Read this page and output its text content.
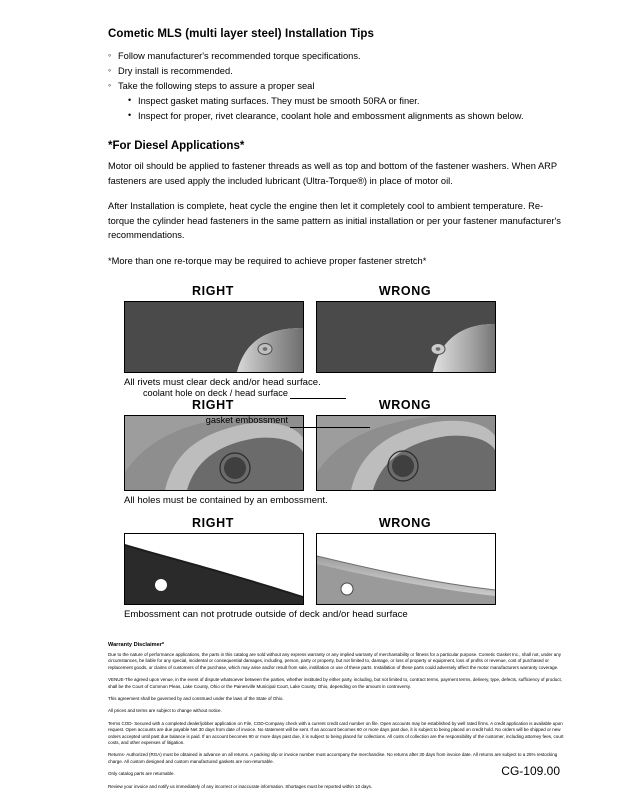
Cometic MLS (multi layer steel) Installation Tips
◦ Follow manufacturer's recommended torque specifications.
◦ Dry install is recommended.
◦ Take the following steps to assure a proper seal
• Inspect gasket mating surfaces. They must be smooth 50RA or finer.
• Inspect for proper, rivet clearance, coolant hole and embossment alignments as shown below.
*For Diesel Applications*

Motor oil should be applied to fastener threads as well as top and bottom of the fastener washers. When ARP fasteners are used apply the included lubricant (Ultra-Torque®) in place of motor oil.

After Installation is complete, heat cycle the engine then let it completely cool to ambient temperature. Re-torque the cylinder head fasteners in the same pattern as initial installation or per your fastener manufacturer's recommendations.

*More than one re-torque may be required to achieve proper fastener stretch*

RIGHT	WRONG
All rivets must clear deck and/or head surface.
RIGHT	WRONG
All holes must be contained by an embossment.
coolant hole on deck / head surface
gasket embossment
RIGHT	WRONG
Embossment can not protrude outside of deck and/or head surface
Warranty Disclaimer*

Due to the nature of performance applications, the parts in this catalog are sold without any express warranty or any implied warranty of merchantability or fitness for a particular purpose. Cometic Gasket Inc., shall not, under any circumstances, be liable for any special, incidental or consequential damages, including, person, party or property, but not limited to, damage, or loss of property or equipment, loss of profits or revenue, cost of purchased or replacement goods, or claims of customers of the purchase, which may arise and/or result from sale, instillation or use of these parts. Installation of these parts could adversely affect the motor manufacturers warranty coverage.

VENUE-The agreed upon venue, in the event of dispute whatsoever between the parties, whether instituted by either party, including, but not limited to, contract terms, payment terms, delivery, type, defects, sufficiency of product, shall be the Court of Common Pleas, Lake County, Ohio or the Painesville Municipal Court, Lake County, Ohio, depending on the amount in controversy.

This agreement shall be governed by and construed under the laws of the State of Ohio.

All prices and terms are subject to change without notice.

Terms COD- Secured with a completed dealer/jobber application on File, COD-Company check with a current credit card number on file. Open accounts may be established by well rated firms. A credit application is available upon request. Open accounts are due payable Net 30 days from date of invoice. No statement will be sent. If an account becomes 60 or more days past due, it is subject to being placed on credit hold. No orders will be shipped or new orders accepted until past due balance is paid. If an account becomes 90 or more days past due, it is subject to being placed for collections. All costs of collection are the responsibility of the customer, including attorney fees, court costs, and other expenses of litigation.

Returns- Authorized (RGA) must be obtained in advance on all returns. A packing slip or invoice number must accompany the merchandise. No returns after 30 days from invoice date. All returns are subject to a 25% restocking charge. All custom designed and custom manufactured gaskets are non-returnable.

Only catalog parts are returnable.

Review your invoice and notify us immediately of any incorrect or inaccurate information. Shortages must be reported within 10 days.

CG-109.00
